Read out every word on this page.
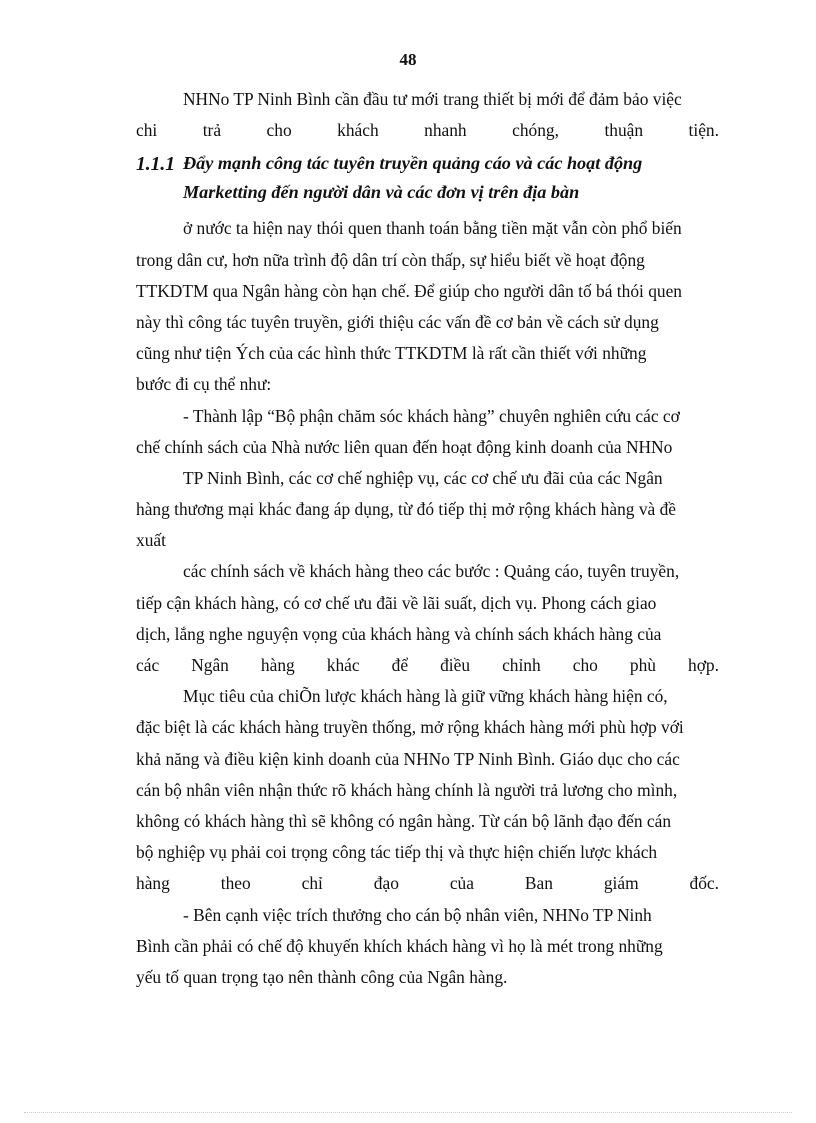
48
NHNo TP Ninh Bình cần đầu tư mới trang thiết bị mới để đảm bảo việc
chi	trả	cho	khách	nhanh	chóng,	thuận	tiện.
1.1.1 Đẩy mạnh công tác tuyên truyền quảng cáo và các hoạt động
Marketting đến người dân và các đơn vị trên địa bàn
ở nước ta hiện nay thói quen thanh toán bằng tiền mặt vẫn còn phổ biến
trong dân cư, hơn nữa trình độ dân trí còn thấp, sự hiểu biết về hoạt động
TTKDTM qua Ngân hàng còn hạn chế. Để giúp cho người dân tố bá thói quen
này thì công tác tuyên truyền, giới thiệu các vấn đề cơ bản về cách sử dụng
cũng như tiện Ých của các hình thức TTKDTM là rất cần thiết với những
bước đi cụ thể như:
- Thành lập “Bộ phận chăm sóc khách hàng” chuyên nghiên cứu các cơ
chế chính sách của Nhà nước liên quan đến hoạt động kinh doanh của NHNo
TP Ninh Bình, các cơ chế nghiệp vụ, các cơ chế ưu đãi của các Ngân
hàng thương mại khác đang áp dụng, từ đó tiếp thị mở rộng khách hàng và đề
xuất
các chính sách về khách hàng theo các bước : Quảng cáo, tuyên truyền,
tiếp cận khách hàng, có cơ chế ưu đãi về lãi suất, dịch vụ. Phong cách giao
dịch, lắng nghe nguyện vọng của khách hàng và chính sách khách hàng của
các Ngân hàng khác để điều chỉnh cho phù hợp.
Mục tiêu của chiÕn lược khách hàng là giữ vững khách hàng hiện có,
đặc biệt là các khách hàng truyền thống, mở rộng khách hàng mới phù hợp với
khả năng và điều kiện kinh doanh của NHNo TP Ninh Bình. Giáo dục cho các
cán bộ nhân viên nhận thức rõ khách hàng chính là người trả lương cho mình,
không có khách hàng thì sẽ không có ngân hàng. Từ cán bộ lãnh đạo đến cán
bộ nghiệp vụ phải coi trọng công tác tiếp thị và thực hiện chiến lược khách
hàng	theo	chỉ	đạo	của	Ban	giám	đốc.
- Bên cạnh việc trích thưởng cho cán bộ nhân viên, NHNo TP Ninh
Bình cần phải có chế độ khuyến khích khách hàng vì họ là mét trong những
yếu tố quan trọng tạo nên thành công của Ngân hàng.
